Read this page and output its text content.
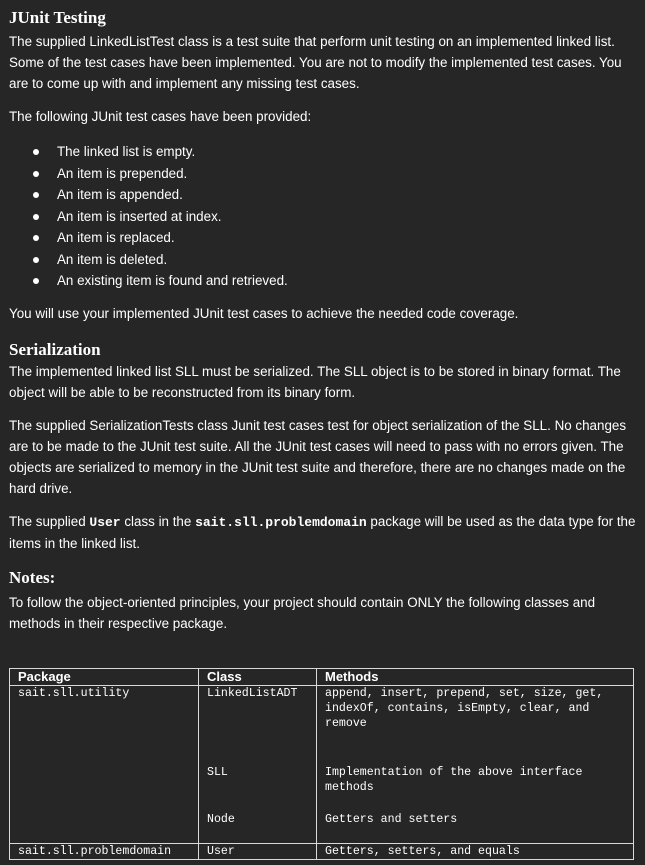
JUnit Testing
The supplied LinkedListTest class is a test suite that perform unit testing on an implemented linked list. Some of the test cases have been implemented. You are not to modify the implemented test cases. You are to come up with and implement any missing test cases.
The following JUnit test cases have been provided:
The linked list is empty.
An item is prepended.
An item is appended.
An item is inserted at index.
An item is replaced.
An item is deleted.
An existing item is found and retrieved.
You will use your implemented JUnit test cases to achieve the needed code coverage.
Serialization
The implemented linked list SLL must be serialized. The SLL object is to be stored in binary format. The object will be able to be reconstructed from its binary form.
The supplied SerializationTests class Junit test cases test for object serialization of the SLL. No changes are to be made to the JUnit test suite. All the JUnit test cases will need to pass with no errors given. The objects are serialized to memory in the JUnit test suite and therefore, there are no changes made on the hard drive.
The supplied User class in the sait.sll.problemdomain package will be used as the data type for the items in the linked list.
Notes:
To follow the object-oriented principles, your project should contain ONLY the following classes and methods in their respective package.
Package	Class	Methods
sait.sll.utility	LinkedListADT	append, insert, prepend, set, size, get, indexOf, contains, isEmpty, clear, and remove
	SLL	Implementation of the above interface methods
	Node	Getters and setters
sait.sll.problemdomain	User	Getters, setters, and equals
